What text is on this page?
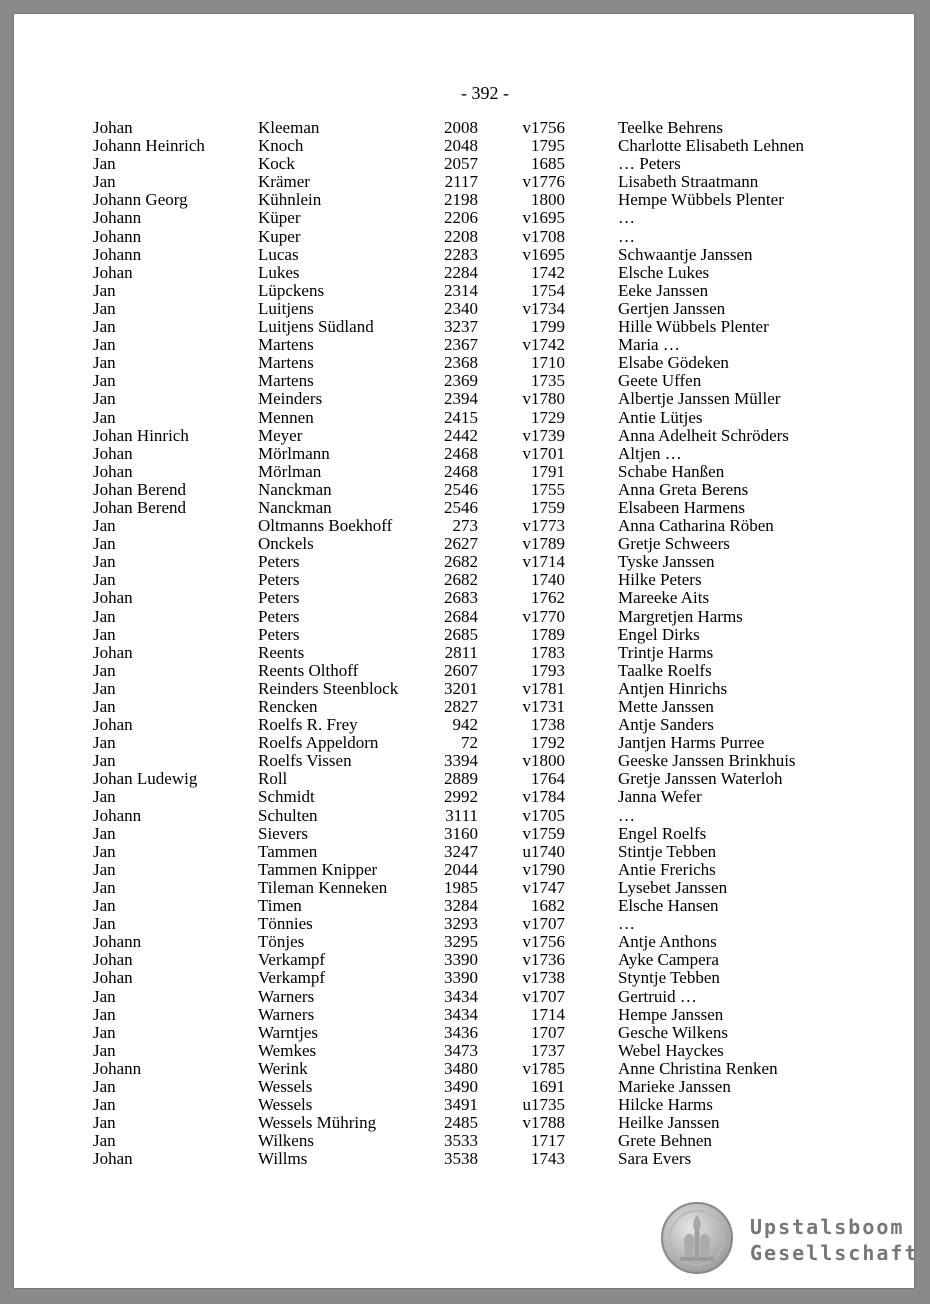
- 392 -
Johan	Kleeman	2008	v1756	Teelke Behrens
Johann Heinrich	Knoch	2048	1795	Charlotte Elisabeth Lehnen
Jan	Kock	2057	1685	… Peters
Jan	Krämer	2117	v1776	Lisabeth Straatmann
Johann Georg	Kühnlein	2198	1800	Hempe Wübbels Plenter
Johann	Küper	2206	v1695	…
Johann	Kuper	2208	v1708	…
Johann	Lucas	2283	v1695	Schwaantje Janssen
Johan	Lukes	2284	1742	Elsche Lukes
Jan	Lüpckens	2314	1754	Eeke Janssen
Jan	Luitjens	2340	v1734	Gertjen Janssen
Jan	Luitjens Südland	3237	1799	Hille Wübbels Plenter
Jan	Martens	2367	v1742	Maria …
Jan	Martens	2368	1710	Elsabe Gödeken
Jan	Martens	2369	1735	Geete Uffen
Jan	Meinders	2394	v1780	Albertje Janssen Müller
Jan	Mennen	2415	1729	Antie Lütjes
Johan Hinrich	Meyer	2442	v1739	Anna Adelheit Schröders
Johan	Mörlmann	2468	v1701	Altjen …
Johan	Mörlman	2468	1791	Schabe Hanßen
Johan Berend	Nanckman	2546	1755	Anna Greta Berens
Johan Berend	Nanckman	2546	1759	Elsabeen Harmens
Jan	Oltmanns Boekhoff	273	v1773	Anna Catharina Röben
Jan	Onckels	2627	v1789	Gretje Schweers
Jan	Peters	2682	v1714	Tyske Janssen
Jan	Peters	2682	1740	Hilke Peters
Johan	Peters	2683	1762	Mareeke Aits
Jan	Peters	2684	v1770	Margretjen Harms
Jan	Peters	2685	1789	Engel Dirks
Johan	Reents	2811	1783	Trintje Harms
Jan	Reents Olthoff	2607	1793	Taalke Roelfs
Jan	Reinders Steenblock	3201	v1781	Antjen Hinrichs
Jan	Rencken	2827	v1731	Mette Janssen
Johan	Roelfs R. Frey	942	1738	Antje Sanders
Jan	Roelfs Appeldorn	72	1792	Jantjen Harms Purree
Jan	Roelfs Vissen	3394	v1800	Geeske Janssen Brinkhuis
Johan Ludewig	Roll	2889	1764	Gretje Janssen Waterloh
Jan	Schmidt	2992	v1784	Janna Wefer
Johann	Schulten	3111	v1705	…
Jan	Sievers	3160	v1759	Engel Roelfs
Jan	Tammen	3247	u1740	Stintje Tebben
Jan	Tammen Knipper	2044	v1790	Antie Frerichs
Jan	Tileman Kenneken	1985	v1747	Lysebet Janssen
Jan	Timen	3284	1682	Elsche Hansen
Jan	Tönnies	3293	v1707	…
Johann	Tönjes	3295	v1756	Antje Anthons
Johan	Verkampf	3390	v1736	Ayke Campera
Johan	Verkampf	3390	v1738	Styntje Tebben
Jan	Warners	3434	v1707	Gertruid …
Jan	Warners	3434	1714	Hempe Janssen
Jan	Warntjes	3436	1707	Gesche Wilkens
Jan	Wemkes	3473	1737	Webel Hayckes
Johann	Werink	3480	v1785	Anne Christina Renken
Jan	Wessels	3490	1691	Marieke Janssen
Jan	Wessels	3491	u1735	Hilcke Harms
Jan	Wessels Mühring	2485	v1788	Heilke Janssen
Jan	Wilkens	3533	1717	Grete Behnen
Johan	Willms	3538	1743	Sara Evers
Upstalsboom
Gesellschaft
